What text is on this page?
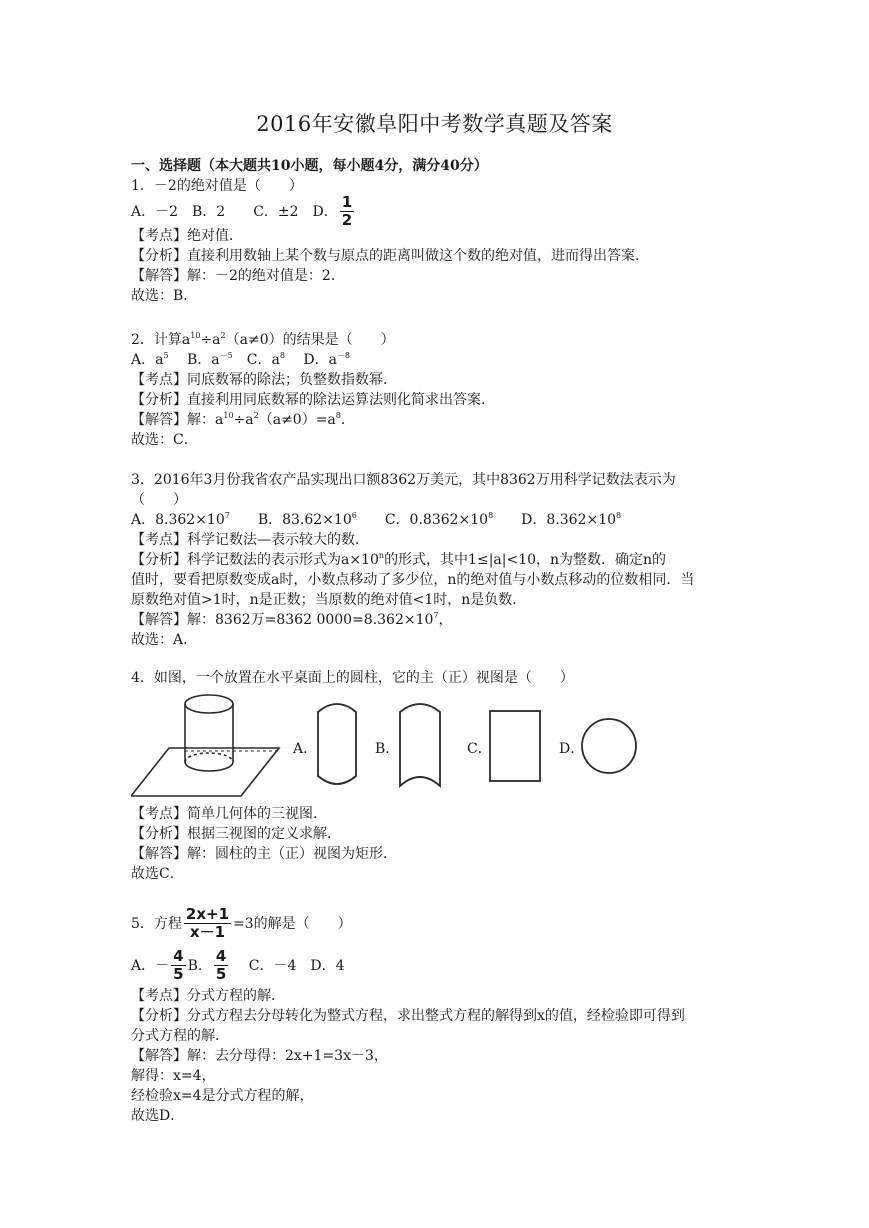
2016年安徽阜阳中考数学真题及答案
一、选择题（本大题共10小题，每小题4分，满分40分）
1．－2的绝对值是（　　）
A．－2　B．2　　C．±2　D． $\frac{1}{2}$
【考点】绝对值．
【分析】直接利用数轴上某个数与原点的距离叫做这个数的绝对值，进而得出答案．
【解答】解：－2的绝对值是：2．
故选：B．
2．计算$a^{10}\div a^2(a\ne 0)$的结果是（　　）
A．$a^5$　 B．$a^{-5}$　C．$a^8$　 D．$a^{-8}$
【考点】同底数幂的除法；负整数指数幂．
【分析】直接利用同底数幂的除法运算法则化简求出答案．
【解答】解：$a^{10}\div a^2(a\ne 0)=a^8$．
故选：C．
3．2016年3月份我省农产品实现出口额8362万美元，其中8362万用科学记数法表示为
（　　）
A．$8.362\times 10^7$　　B．$83.62\times 10^6$　　C．$0.8362\times 10^8$　　D．$8.362\times 10^8$
【考点】科学记数法—表示较大的数．
【分析】科学记数法的表示形式为$a\times 10^n$的形式，其中1≤|a|<10，n为整数．确定n的
值时，要看把原数变成a时，小数点移动了多少位，n的绝对值与小数点移动的位数相同．当
原数绝对值>1时，n是正数；当原数的绝对值<1时，n是负数．
【解答】解：8362万=8362 $0000=8.362\times 10^7$，
故选：A．
4．如图，一个放置在水平桌面上的圆柱，它的主（正）视图是（　　）
A．	B．	C．	D．
【考点】简单几何体的三视图．
【分析】根据三视图的定义求解．
【解答】解：圆柱的主（正）视图为矩形．
故选C．
5．方程 $\frac{2x+1}{x-1} =3$的解是（　　）
A．－ $\frac{4}{5}$ B． $\frac{4}{5}$ 　 C．－4　D．4
【考点】分式方程的解．
【分析】分式方程去分母转化为整式方程，求出整式方程的解得到x的值，经检验即可得到
分式方程的解．
【解答】解：去分母得：2x+1=3x－3，
解得：x=4，
经检验x=4是分式方程的解，
故选D．
